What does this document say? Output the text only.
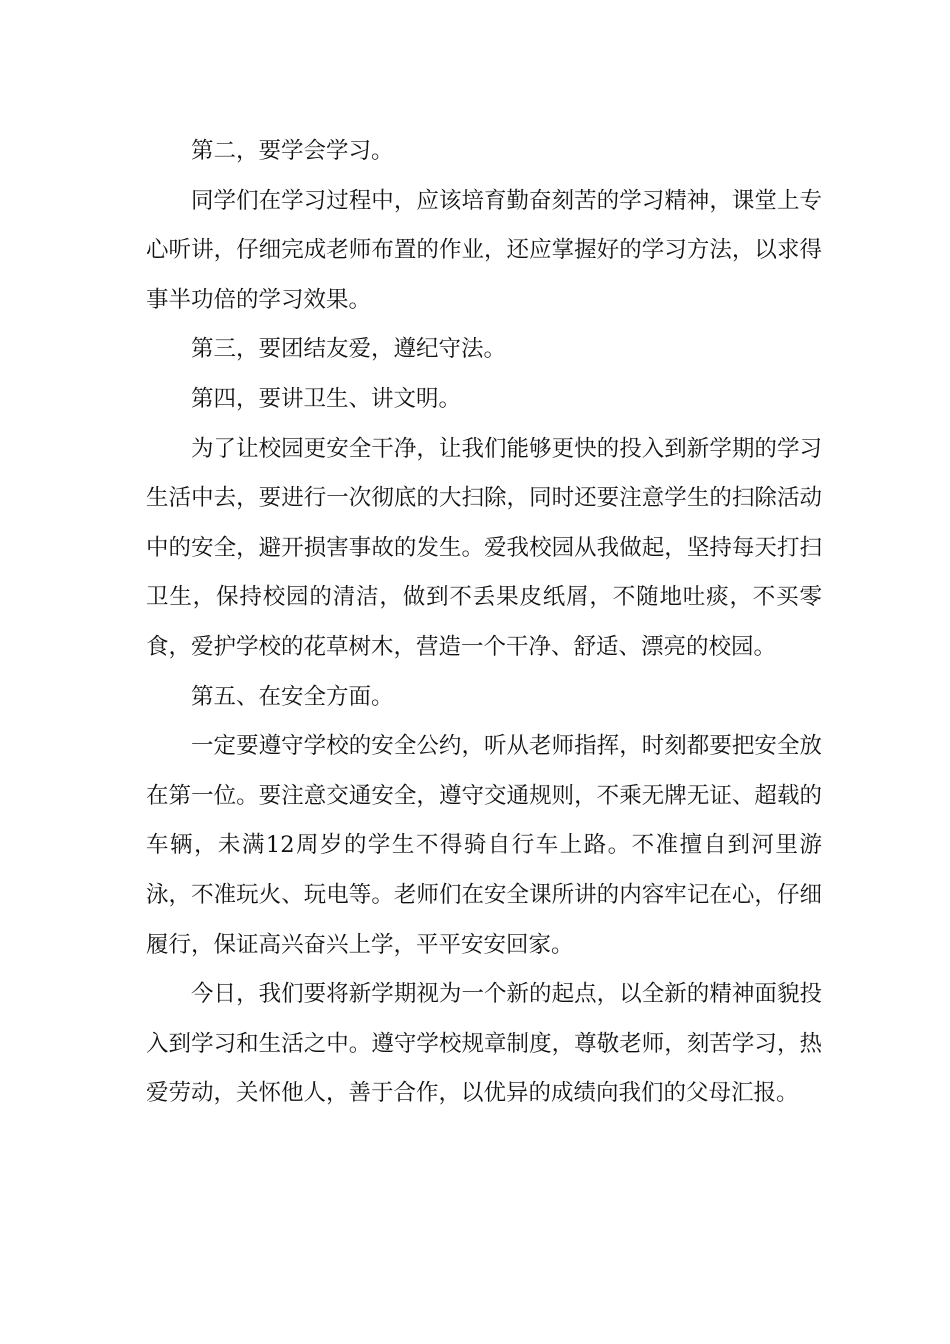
第二，要学会学习。

同学们在学习过程中，应该培育勤奋刻苦的学习精神，课堂上专心听讲，仔细完成老师布置的作业，还应掌握好的学习方法，以求得事半功倍的学习效果。

第三，要团结友爱，遵纪守法。

第四，要讲卫生、讲文明。

为了让校园更安全干净，让我们能够更快的投入到新学期的学习生活中去，要进行一次彻底的大扫除，同时还要注意学生的扫除活动中的安全，避开损害事故的发生。爱我校园从我做起，坚持每天打扫卫生，保持校园的清洁，做到不丢果皮纸屑，不随地吐痰，不买零食，爱护学校的花草树木，营造一个干净、舒适、漂亮的校园。

第五、在安全方面。

一定要遵守学校的安全公约，听从老师指挥，时刻都要把安全放在第一位。要注意交通安全，遵守交通规则，不乘无牌无证、超载的车辆，未满12周岁的学生不得骑自行车上路。不准擅自到河里游泳，不准玩火、玩电等。老师们在安全课所讲的内容牢记在心，仔细履行，保证高兴奋兴上学，平平安安回家。

今日，我们要将新学期视为一个新的起点，以全新的精神面貌投入到学习和生活之中。遵守学校规章制度，尊敬老师，刻苦学习，热爱劳动，关怀他人，善于合作，以优异的成绩向我们的父母汇报。
